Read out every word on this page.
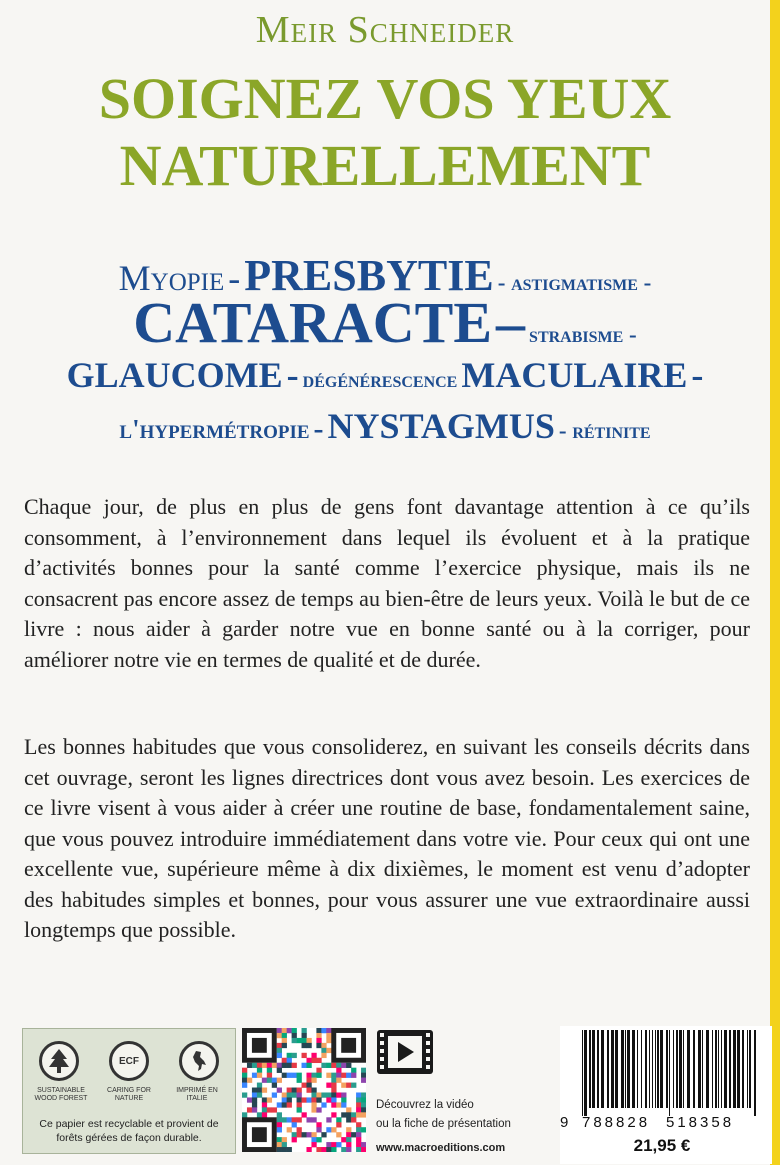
Meir Schneider
SOIGNEZ VOS YEUX
NATURELLEMENT
Myopie - PRESBYTIE - astigmatisme -
CATARACTE – strabisme -
GLAUCOME - dégénérescence MACULAIRE -
l'hypermétropie - NYSTAGMUS - rétinite

Chaque jour, de plus en plus de gens font davantage attention à ce qu’ils consomment, à l’environnement dans lequel ils évoluent et à la pratique d’activités bonnes pour la santé comme l’exercice physique, mais ils ne consacrent pas encore assez de temps au bien-être de leurs yeux. Voilà le but de ce livre : nous aider à garder notre vue en bonne santé ou à la corriger, pour améliorer notre vie en termes de qualité et de durée.

Les bonnes habitudes que vous consoliderez, en suivant les conseils décrits dans cet ouvrage, seront les lignes directrices dont vous avez besoin. Les exercices de ce livre visent à vous aider à créer une routine de base, fondamentalement saine, que vous pouvez introduire immédiatement dans votre vie. Pour ceux qui ont une excellente vue, supérieure même à dix dixièmes, le moment est venu d’adopter des habitudes simples et bonnes, pour vous assurer une vue extraordinaire aussi longtemps que possible.

ECF
SUSTAINABLE WOOD FOREST
CARING FOR NATURE
IMPRIMÉ EN ITALIE
Ce papier est recyclable et provient de forêts gérées de façon durable.
Découvrez la vidéo
ou la fiche de présentation
www.macroeditions.com
9 788828 518358
21,95 €
